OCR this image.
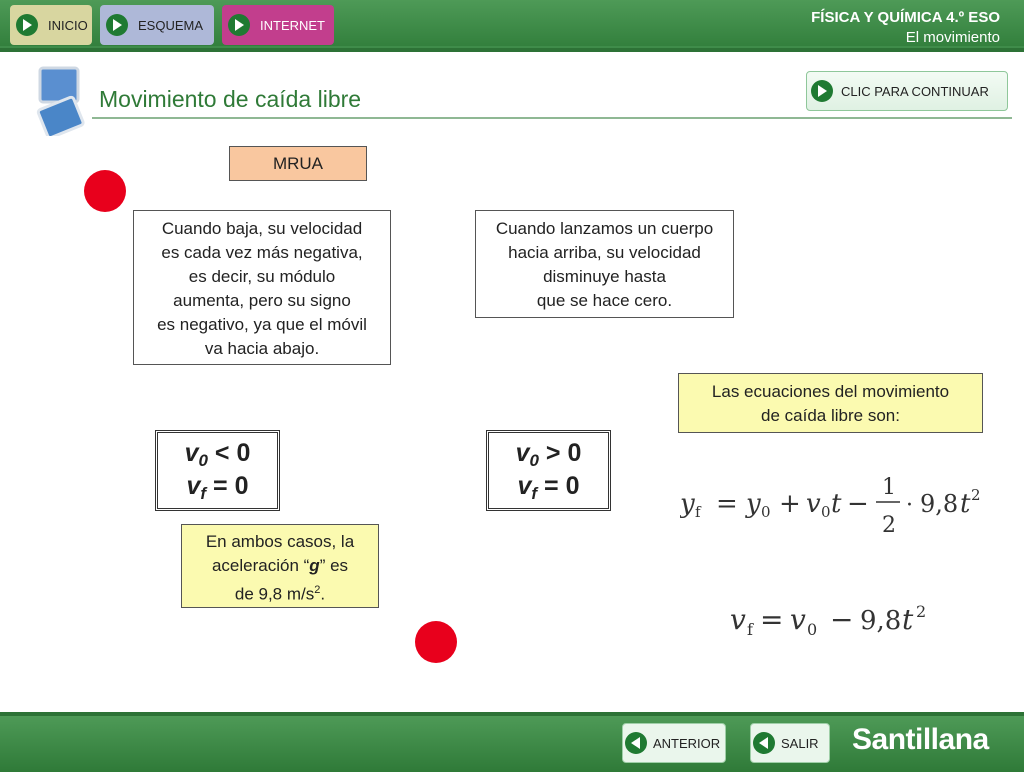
INICIO	ESQUEMA	INTERNET	FÍSICA Y QUÍMICA 4.º ESO
El movimiento
Movimiento de caída libre	CLIC PARA CONTINUAR
MRUA
Cuando baja, su velocidad
es cada vez más negativa,
es decir, su módulo
aumenta, pero su signo
es negativo, ya que el móvil
va hacia abajo.
Cuando lanzamos un cuerpo
hacia arriba, su velocidad
disminuye hasta
que se hace cero.
Las ecuaciones del movimiento
de caída libre son:
$v_0 < 0$
$v_f = 0$
$v_0 > 0$
$v_f = 0$
En ambos casos, la
aceleración “g” es
de 9,8 $m/s^2$.
y f = y 0 + v 0 t −
1
2
· 9,8 t 2
v f = v 0 − 9,8 t 2
ANTERIOR	SALIR Santillana
